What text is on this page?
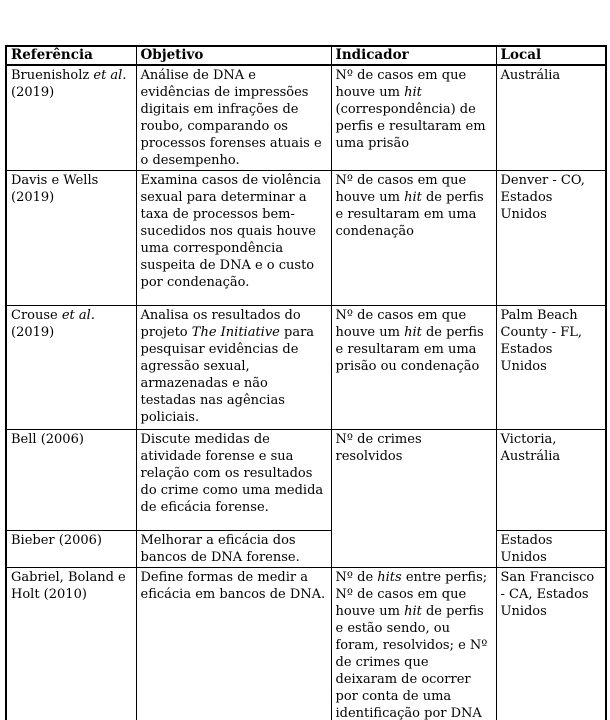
Referência	Objetivo	Indicador	Local
Bruenisholz et al. (2019)	Análise de DNA e evidências de impressões digitais em infrações de roubo, comparando os processos forenses atuais e o desempenho.	Nº de casos em que houve um hit (correspondência) de perfis e resultaram em uma prisão	Austrália
Davis e Wells (2019)	Examina casos de violência sexual para determinar a taxa de processos bem-sucedidos nos quais houve uma correspondência suspeita de DNA e o custo por condenação.	Nº de casos em que houve um hit de perfis e resultaram em uma condenação	Denver - CO, Estados Unidos
Crouse et al. (2019)	Analisa os resultados do projeto The Initiative para pesquisar evidências de agressão sexual, armazenadas e não testadas nas agências policiais.	Nº de casos em que houve um hit de perfis e resultaram em uma prisão ou condenação	Palm Beach County - FL, Estados Unidos
Bell (2006)	Discute medidas de atividade forense e sua relação com os resultados do crime como uma medida de eficácia forense.	Nº de crimes resolvidos	Victoria, Austrália
Bieber (2006)	Melhorar a eficácia dos bancos de DNA forense.		Estados Unidos
Gabriel, Boland e Holt (2010)	Define formas de medir a eficácia em bancos de DNA.	Nº de hits entre perfis; Nº de casos em que houve um hit de perfis e estão sendo, ou foram, resolvidos; e Nº de crimes que deixaram de ocorrer por conta de uma identificação por DNA	San Francisco - CA, Estados Unidos
